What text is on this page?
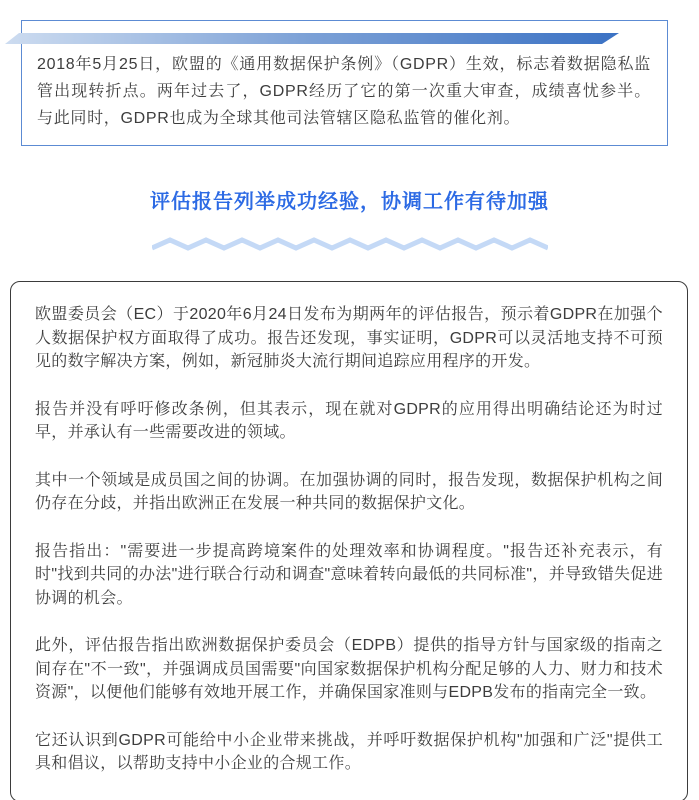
2018年5月25日，欧盟的《通用数据保护条例》（GDPR）生效，标志着数据隐私监管出现转折点。两年过去了，GDPR经历了它的第一次重大审查，成绩喜忧参半。与此同时，GDPR也成为全球其他司法管辖区隐私监管的催化剂。

评估报告列举成功经验，协调工作有待加强

欧盟委员会（EC）于2020年6月24日发布为期两年的评估报告，预示着GDPR在加强个人数据保护权方面取得了成功。报告还发现，事实证明，GDPR可以灵活地支持不可预见的数字解决方案，例如，新冠肺炎大流行期间追踪应用程序的开发。

报告并没有呼吁修改条例，但其表示，现在就对GDPR的应用得出明确结论还为时过早，并承认有一些需要改进的领域。

其中一个领域是成员国之间的协调。在加强协调的同时，报告发现，数据保护机构之间仍存在分歧，并指出欧洲正在发展一种共同的数据保护文化。

报告指出："需要进一步提高跨境案件的处理效率和协调程度。"报告还补充表示，有时"找到共同的办法"进行联合行动和调查"意味着转向最低的共同标准"，并导致错失促进协调的机会。

此外，评估报告指出欧洲数据保护委员会（EDPB）提供的指导方针与国家级的指南之间存在"不一致"，并强调成员国需要"向国家数据保护机构分配足够的人力、财力和技术资源"，以便他们能够有效地开展工作，并确保国家准则与EDPB发布的指南完全一致。

它还认识到GDPR可能给中小企业带来挑战，并呼吁数据保护机构"加强和广泛"提供工具和倡议，以帮助支持中小企业的合规工作。
